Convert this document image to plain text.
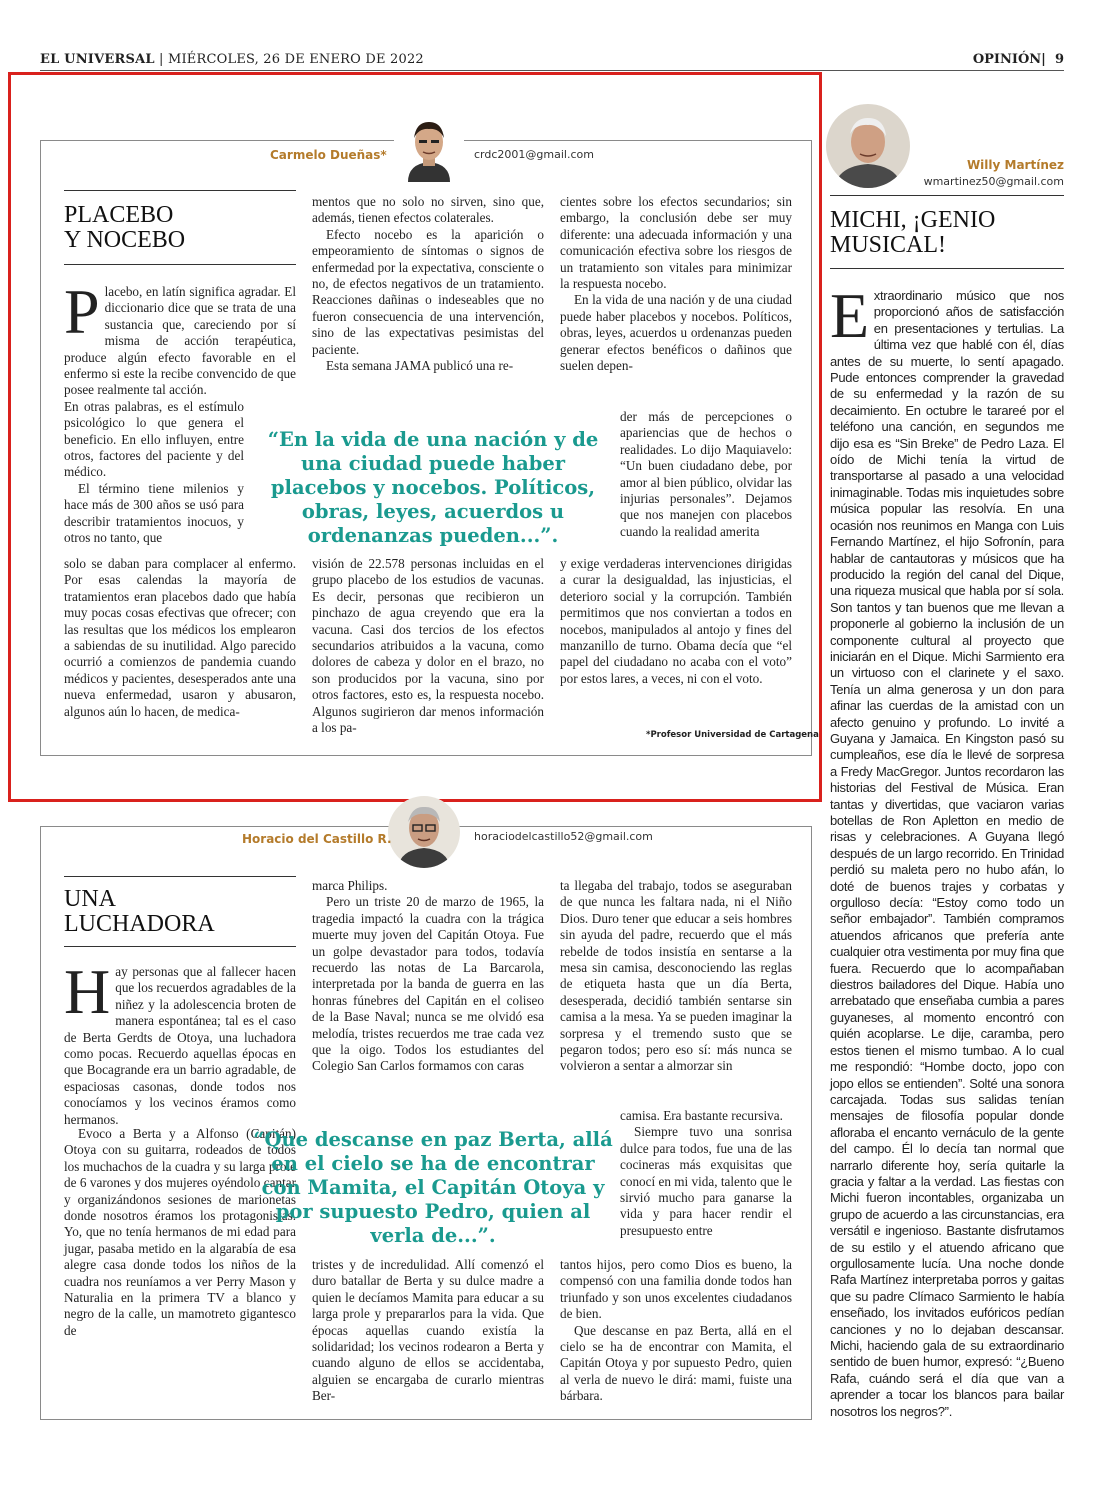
EL UNIVERSAL | MIÉRCOLES, 26 DE ENERO DE 2022	OPINIÓN|  9
Carmelo Dueñas*	crdc2001@gmail.com
PLACEBO
Y NOCEBO

Placebo, en latín significa agradar. El diccionario dice que se trata de una sustancia que, careciendo por sí misma de acción terapéutica, produce algún efecto favorable en el enfermo si este la recibe convencido de que posee realmente tal acción.

En otras palabras, es el estímulo psicológico lo que genera el beneficio. En ello influyen, entre otros, factores del paciente y del médico.

El término tiene milenios y hace más de 300 años se usó para describir tratamientos inocuos, y otros no tanto, que

solo se daban para complacer al enfermo. Por esas calendas la mayoría de tratamientos eran placebos dado que había muy pocas cosas efectivas que ofrecer; con las resultas que los médicos los emplearon a sabiendas de su inutilidad. Algo parecido ocurrió a comienzos de pandemia cuando médicos y pacientes, desesperados ante una nueva enfermedad, usaron y abusaron, algunos aún lo hacen, de medica-

mentos que no solo no sirven, sino que, además, tienen efectos colaterales.

Efecto nocebo es la aparición o empeoramiento de síntomas o signos de enfermedad por la expectativa, consciente o no, de efectos negativos de un tratamiento. Reacciones dañinas o indeseables que no fueron consecuencia de una intervención, sino de las expectativas pesimistas del paciente.

Esta semana JAMA publicó una re-

visión de 22.578 personas incluidas en el grupo placebo de los estudios de vacunas. Es decir, personas que recibieron un pinchazo de agua creyendo que era la vacuna. Casi dos tercios de los efectos secundarios atribuidos a la vacuna, como dolores de cabeza y dolor en el brazo, no son producidos por la vacuna, sino por otros factores, esto es, la respuesta nocebo. Algunos sugirieron dar menos información a los pa-

cientes sobre los efectos secundarios; sin embargo, la conclusión debe ser muy diferente: una adecuada información y una comunicación efectiva sobre los riesgos de un tratamiento son vitales para minimizar la respuesta nocebo.

En la vida de una nación y de una ciudad puede haber placebos y nocebos. Políticos, obras, leyes, acuerdos u ordenanzas pueden generar efectos benéficos o dañinos que suelen depen-

der más de percepciones o apariencias que de hechos o realidades. Lo dijo Maquiavelo: “Un buen ciudadano debe, por amor al bien público, olvidar las injurias personales”. Dejamos que nos manejen con placebos cuando la realidad amerita

y exige verdaderas intervenciones dirigidas a curar la desigualdad, las injusticias, el deterioro social y la corrupción. También permitimos que nos conviertan a todos en nocebos, manipulados al antojo y fines del manzanillo de turno. Obama decía que “el papel del ciudadano no acaba con el voto” por estos lares, a veces, ni con el voto.

“En la vida de una nación y de una ciudad puede haber placebos y nocebos. Políticos, obras, leyes, acuerdos u ordenanzas pueden...”.
*Profesor Universidad de Cartagena.
Horacio del Castillo R.	horaciodelcastillo52@gmail.com
UNA
LUCHADORA

Hay personas que al fallecer hacen que los recuerdos agradables de la niñez y la adolescencia broten de manera espontánea; tal es el caso de Berta Gerdts de Otoya, una luchadora como pocas. Recuerdo aquellas épocas en que Bocagrande era un barrio agradable, de espaciosas casonas, donde todos nos conocíamos y los vecinos éramos como hermanos.

Evoco a Berta y a Alfonso (Capitán) Otoya con su guitarra, rodeados de todos los muchachos de la cuadra y su larga prole de 6 varones y dos mujeres oyéndolo cantar y organizándonos sesiones de marionetas donde nosotros éramos los protagonistas. Yo, que no tenía hermanos de mi edad para jugar, pasaba metido en la algarabía de esa alegre casa donde todos los niños de la cuadra nos reuníamos a ver Perry Mason y Naturalia en la primera TV a blanco y negro de la calle, un mamotreto gigantesco de

marca Philips.

Pero un triste 20 de marzo de 1965, la tragedia impactó la cuadra con la trágica muerte muy joven del Capitán Otoya. Fue un golpe devastador para todos, todavía recuerdo las notas de La Barcarola, interpretada por la banda de guerra en las honras fúnebres del Capitán en el coliseo de la Base Naval; nunca se me olvidó esa melodía, tristes recuerdos me trae cada vez que la oigo. Todos los estudiantes del Colegio San Carlos formamos con caras

tristes y de incredulidad. Allí comenzó el duro batallar de Berta y su dulce madre a quien le decíamos Mamita para educar a su larga prole y prepararlos para la vida. Que épocas aquellas cuando existía la solidaridad; los vecinos rodearon a Berta y cuando alguno de ellos se accidentaba, alguien se encargaba de curarlo mientras Ber-

ta llegaba del trabajo, todos se aseguraban de que nunca les faltara nada, ni el Niño Dios. Duro tener que educar a seis hombres sin ayuda del padre, recuerdo que el más rebelde de todos insistía en sentarse a la mesa sin camisa, desconociendo las reglas de etiqueta hasta que un día Berta, desesperada, decidió también sentarse sin camisa a la mesa. Ya se pueden imaginar la sorpresa y el tremendo susto que se pegaron todos; pero eso sí: más nunca se volvieron a sentar a almorzar sin

camisa. Era bastante recursiva.

Siempre tuvo una sonrisa dulce para todos, fue una de las cocineras más exquisitas que conocí en mi vida, talento que le sirvió mucho para ganarse la vida y para hacer rendir el presupuesto entre

tantos hijos, pero como Dios es bueno, la compensó con una familia donde todos han triunfado y son unos excelentes ciudadanos de bien.

Que descanse en paz Berta, allá en el cielo se ha de encontrar con Mamita, el Capitán Otoya y por supuesto Pedro, quien al verla de nuevo le dirá: mami, fuiste una bárbara.

“Que descanse en paz Berta, allá en el cielo se ha de encontrar con Mamita, el Capitán Otoya y por supuesto Pedro, quien al verla de...”.
Willy Martínez
wmartinez50@gmail.com
MICHI, ¡GENIO
MUSICAL!

Extraordinario músico que nos proporcionó años de satisfacción en presentaciones y tertulias. La última vez que hablé con él, días antes de su muerte, lo sentí apagado. Pude entonces comprender la gravedad de su enfermedad y la razón de su decaimiento. En octubre le tarareé por el teléfono una canción, en segundos me dijo esa es “Sin Breke” de Pedro Laza. El oído de Michi tenía la virtud de transportarse al pasado a una velocidad inimaginable. Todas mis inquietudes sobre música popular las resolvía. En una ocasión nos reunimos en Manga con Luis Fernando Martínez, el hijo Sofronín, para hablar de cantautoras y músicos que ha producido la región del canal del Dique, una riqueza musical que habla por sí sola. Son tantos y tan buenos que me llevan a proponerle al gobierno la inclusión de un componente cultural al proyecto que iniciarán en el Dique. Michi Sarmiento era un virtuoso con el clarinete y el saxo. Tenía un alma generosa y un don para afinar las cuerdas de la amistad con un afecto genuino y profundo. Lo invité a Guyana y Jamaica. En Kingston pasó su cumpleaños, ese día le llevé de sorpresa a Fredy MacGregor. Juntos recordaron las historias del Festival de Música. Eran tantas y divertidas, que vaciaron varias botellas de Ron Apletton en medio de risas y celebraciones. A Guyana llegó después de un largo recorrido. En Trinidad perdió su maleta pero no hubo afán, lo doté de buenos trajes y corbatas y orgulloso decía: “Estoy como todo un señor embajador”. También compramos atuendos africanos que prefería ante cualquier otra vestimenta por muy fina que fuera. Recuerdo que lo acompañaban diestros bailadores del Dique. Había uno arrebatado que enseñaba cumbia a pares guyaneses, al momento encontró con quién acoplarse. Le dije, caramba, pero estos tienen el mismo tumbao. A lo cual me respondió: “Hombe docto, jopo con jopo ellos se entienden”. Solté una sonora carcajada. Todas sus salidas tenían mensajes de filosofía popular donde afloraba el encanto vernáculo de la gente del campo. Él lo decía tan normal que narrarlo diferente hoy, sería quitarle la gracia y faltar a la verdad. Las fiestas con Michi fueron incontables, organizaba un grupo de acuerdo a las circunstancias, era versátil e ingenioso. Bastante disfrutamos de su estilo y el atuendo africano que orgullosamente lucía. Una noche donde Rafa Martínez interpretaba porros y gaitas que su padre Clímaco Sarmiento le había enseñado, los invitados eufóricos pedían canciones y no lo dejaban descansar. Michi, haciendo gala de su extraordinario sentido de buen humor, expresó: “¿Bueno Rafa, cuándo será el día que van a aprender a tocar los blancos para bailar nosotros los negros?”.
